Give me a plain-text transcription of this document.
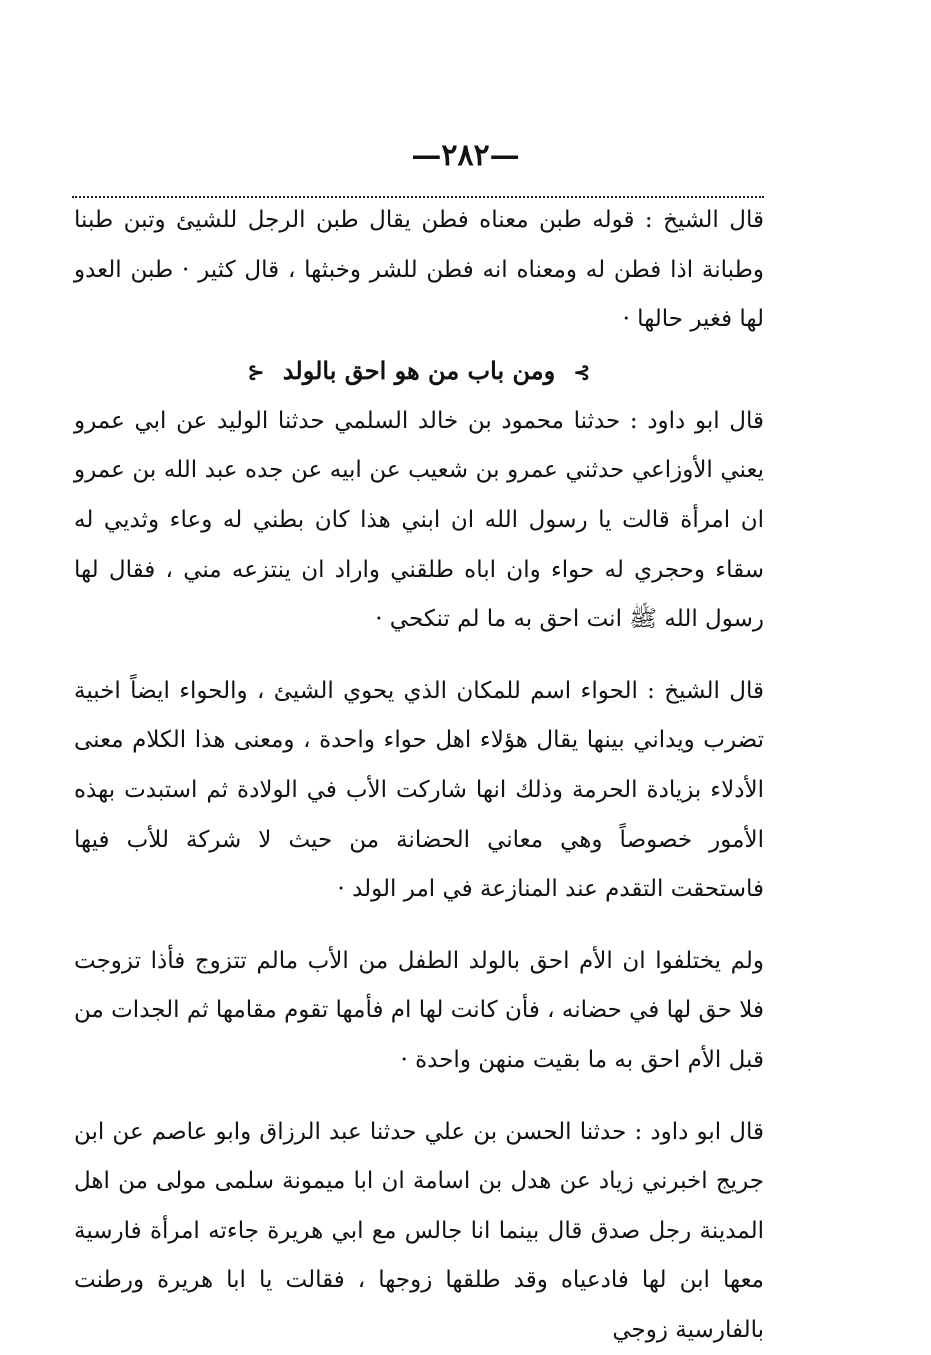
—٢٨٢—

قال الشيخ : قوله طبن معناه فطن يقال طبن الرجل للشيئ وتبن طبنا وطبانة اذا فطن له ومعناه انه فطن للشر وخبثها ، قال كثير · طبن العدو لها فغير حالها ·

⊱ ومن باب من هو احق بالولد ⊰

قال ابو داود : حدثنا محمود بن خالد السلمي حدثنا الوليد عن ابي عمرو يعني الأوزاعي حدثني عمرو بن شعيب عن ابيه عن جده عبد الله بن عمرو ان امرأة قالت يا رسول الله ان ابني هذا كان بطني له وعاء وثديي له سقاء وحجري له حواء وان اباه طلقني واراد ان ينتزعه مني ، فقال لها رسول الله ﷺ انت احق به ما لم تنكحي ·

قال الشيخ : الحواء اسم للمكان الذي يحوي الشيئ ، والحواء ايضاً اخبية تضرب ويداني بينها يقال هؤلاء اهل حواء واحدة ، ومعنى هذا الكلام معنى الأدلاء بزيادة الحرمة وذلك انها شاركت الأب في الولادة ثم استبدت بهذه الأمور خصوصاً وهي معاني الحضانة من حيث لا شركة للأب فيها فاستحقت التقدم عند المنازعة في امر الولد ·

ولم يختلفوا ان الأم احق بالولد الطفل من الأب مالم تتزوج فأذا تزوجت فلا حق لها في حضانه ، فأن كانت لها ام فأمها تقوم مقامها ثم الجدات من قبل الأم احق به ما بقيت منهن واحدة ·

قال ابو داود : حدثنا الحسن بن علي حدثنا عبد الرزاق وابو عاصم عن ابن جريج اخبرني زياد عن هدل بن اسامة ان ابا ميمونة سلمى مولى من اهل المدينة رجل صدق قال بينما انا جالس مع ابي هريرة جاءته امرأة فارسية معها ابن لها فادعياه وقد طلقها زوجها ، فقالت يا ابا هريرة ورطنت بالفارسية زوجي
